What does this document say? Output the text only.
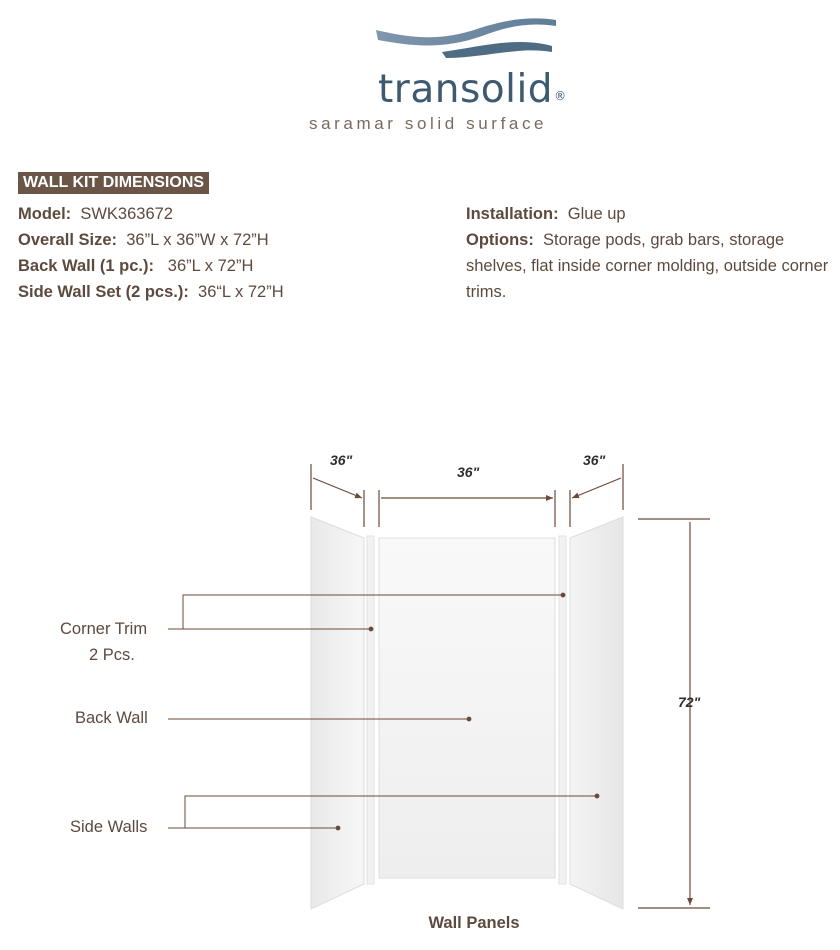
transolid®
saramar solid surface
WALL KIT DIMENSIONS
Model: SWK363672
Overall Size: 36”L x 36”W x 72”H
Back Wall (1 pc.): 36”L x 72”H
Side Wall Set (2 pcs.): 36“L x 72”H
Installation: Glue up
Options: Storage pods, grab bars, storage shelves, flat inside corner molding, outside corner trims.
36"
36"
36"
72"
Corner Trim
2 Pcs.
Back Wall
Side Walls
Wall Panels
